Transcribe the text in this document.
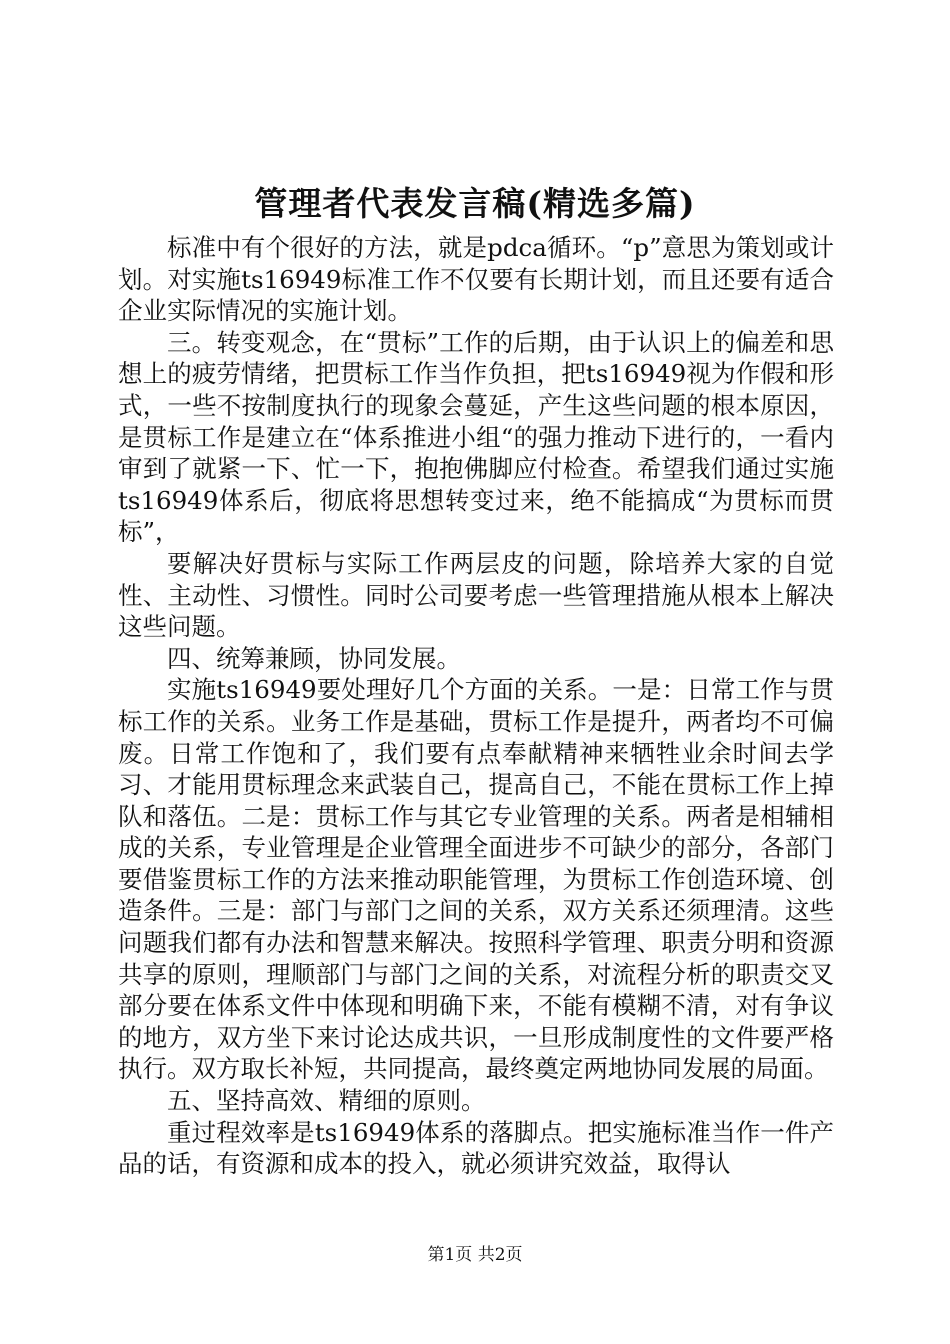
管理者代表发言稿(精选多篇)

标准中有个很好的方法，就是pdca循环。“p”意思为策划或计划。对实施ts16949标准工作不仅要有长期计划，而且还要有适合企业实际情况的实施计划。

三。转变观念，在“贯标”工作的后期，由于认识上的偏差和思想上的疲劳情绪，把贯标工作当作负担，把ts16949视为作假和形式，一些不按制度执行的现象会蔓延，产生这些问题的根本原因，是贯标工作是建立在“体系推进小组“的强力推动下进行的，一看内审到了就紧一下、忙一下，抱抱佛脚应付检查。希望我们通过实施ts16949体系后，彻底将思想转变过来，绝不能搞成“为贯标而贯标”，

要解决好贯标与实际工作两层皮的问题，除培养大家的自觉性、主动性、习惯性。同时公司要考虑一些管理措施从根本上解决这些问题。

四、统筹兼顾，协同发展。

实施ts16949要处理好几个方面的关系。一是：日常工作与贯标工作的关系。业务工作是基础，贯标工作是提升，两者均不可偏废。日常工作饱和了，我们要有点奉献精神来牺牲业余时间去学习、才能用贯标理念来武装自己，提高自己，不能在贯标工作上掉队和落伍。二是：贯标工作与其它专业管理的关系。两者是相辅相成的关系，专业管理是企业管理全面进步不可缺少的部分，各部门要借鉴贯标工作的方法来推动职能管理，为贯标工作创造环境、创造条件。三是：部门与部门之间的关系，双方关系还须理清。这些问题我们都有办法和智慧来解决。按照科学管理、职责分明和资源共享的原则，理顺部门与部门之间的关系，对流程分析的职责交叉部分要在体系文件中体现和明确下来，不能有模糊不清，对有争议的地方，双方坐下来讨论达成共识，一旦形成制度性的文件要严格执行。双方取长补短，共同提高，最终奠定两地协同发展的局面。

五、坚持高效、精细的原则。

重过程效率是ts16949体系的落脚点。把实施标准当作一件产品的话，有资源和成本的投入，就必须讲究效益，取得认

第1页 共2页
